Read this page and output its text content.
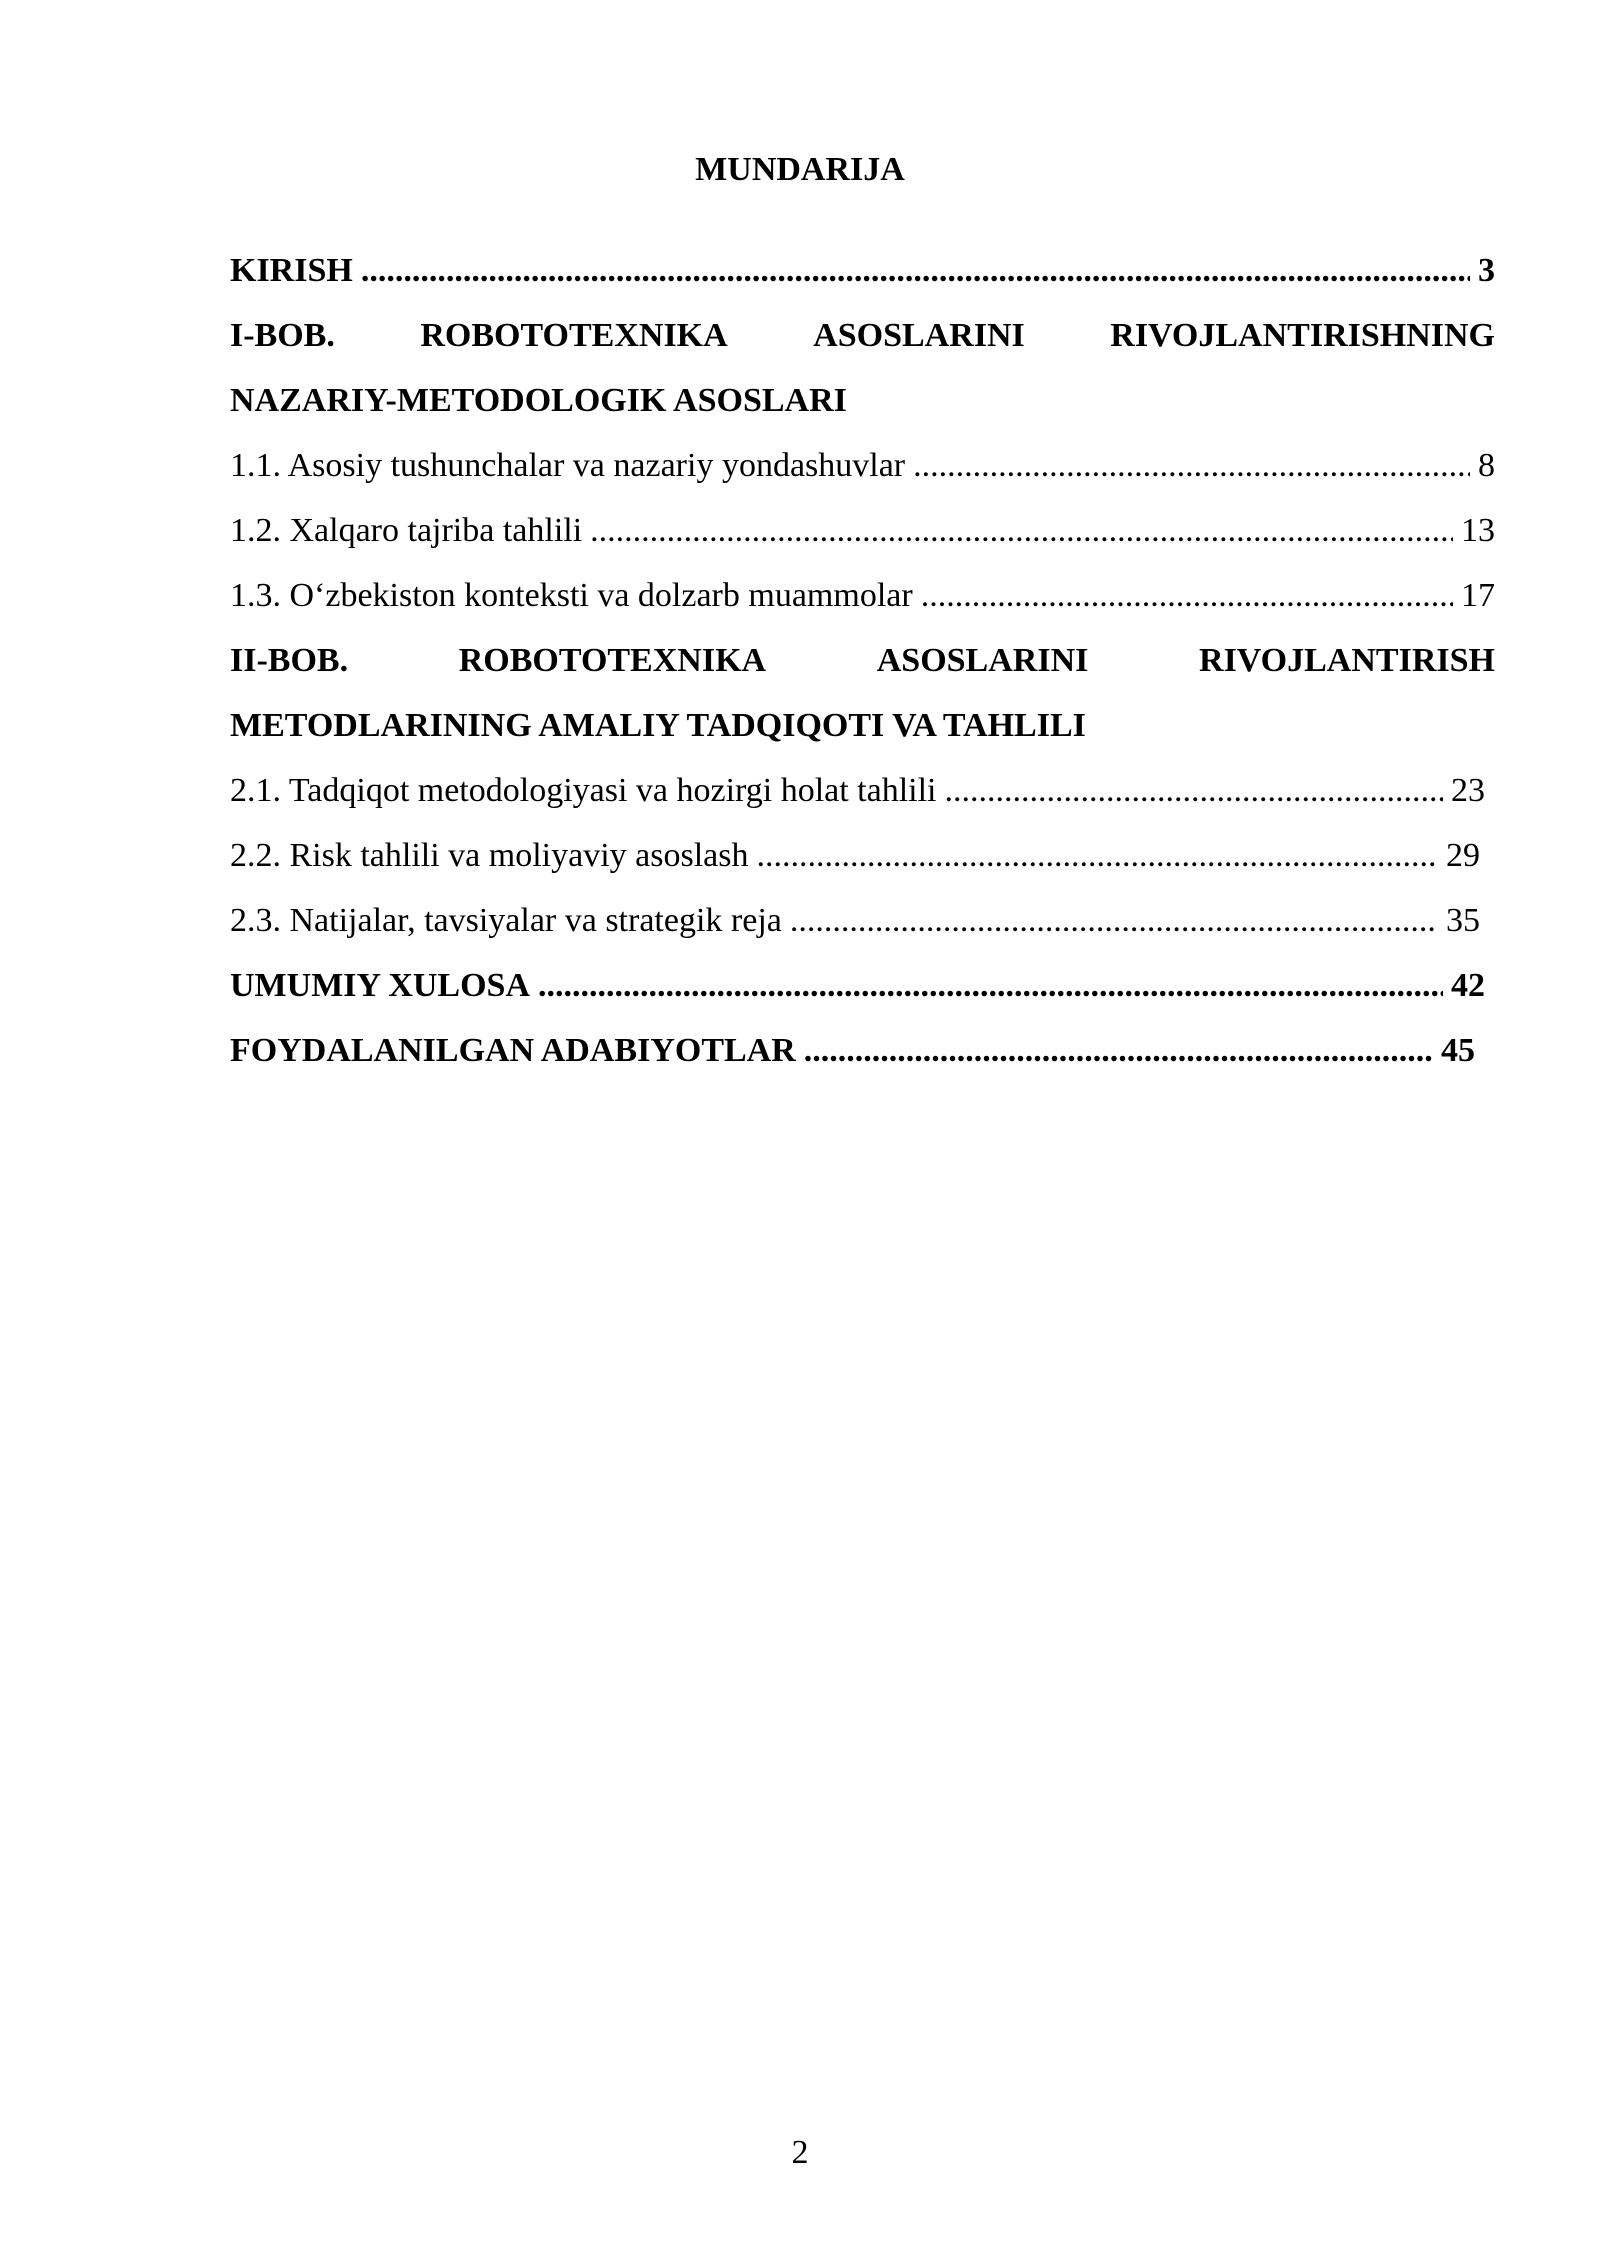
MUNDARIJA
KIRISH .....	3
I-BOB.	ROBOTOTEXNIKA	ASOSLARINI	RIVOJLANTIRISHNING
NAZARIY-METODOLOGIK ASOSLARI
1.1. Asosiy tushunchalar va nazariy yondashuvlar .....	8
1.2. Xalqaro tajriba tahlili .....	13
1.3. O‘zbekiston konteksti va dolzarb muammolar .....	17
II-BOB.	ROBOTOTEXNIKA	ASOSLARINI	RIVOJLANTIRISH
METODLARINING AMALIY TADQIQOTI VA TAHLILI
2.1. Tadqiqot metodologiyasi va hozirgi holat tahlili .....	23
2.2. Risk tahlili va moliyaviy asoslash .....	29
2.3. Natijalar, tavsiyalar va strategik reja .....	35
UMUMIY XULOSA .....	42
FOYDALANILGAN ADABIYOTLAR .....	45
2
